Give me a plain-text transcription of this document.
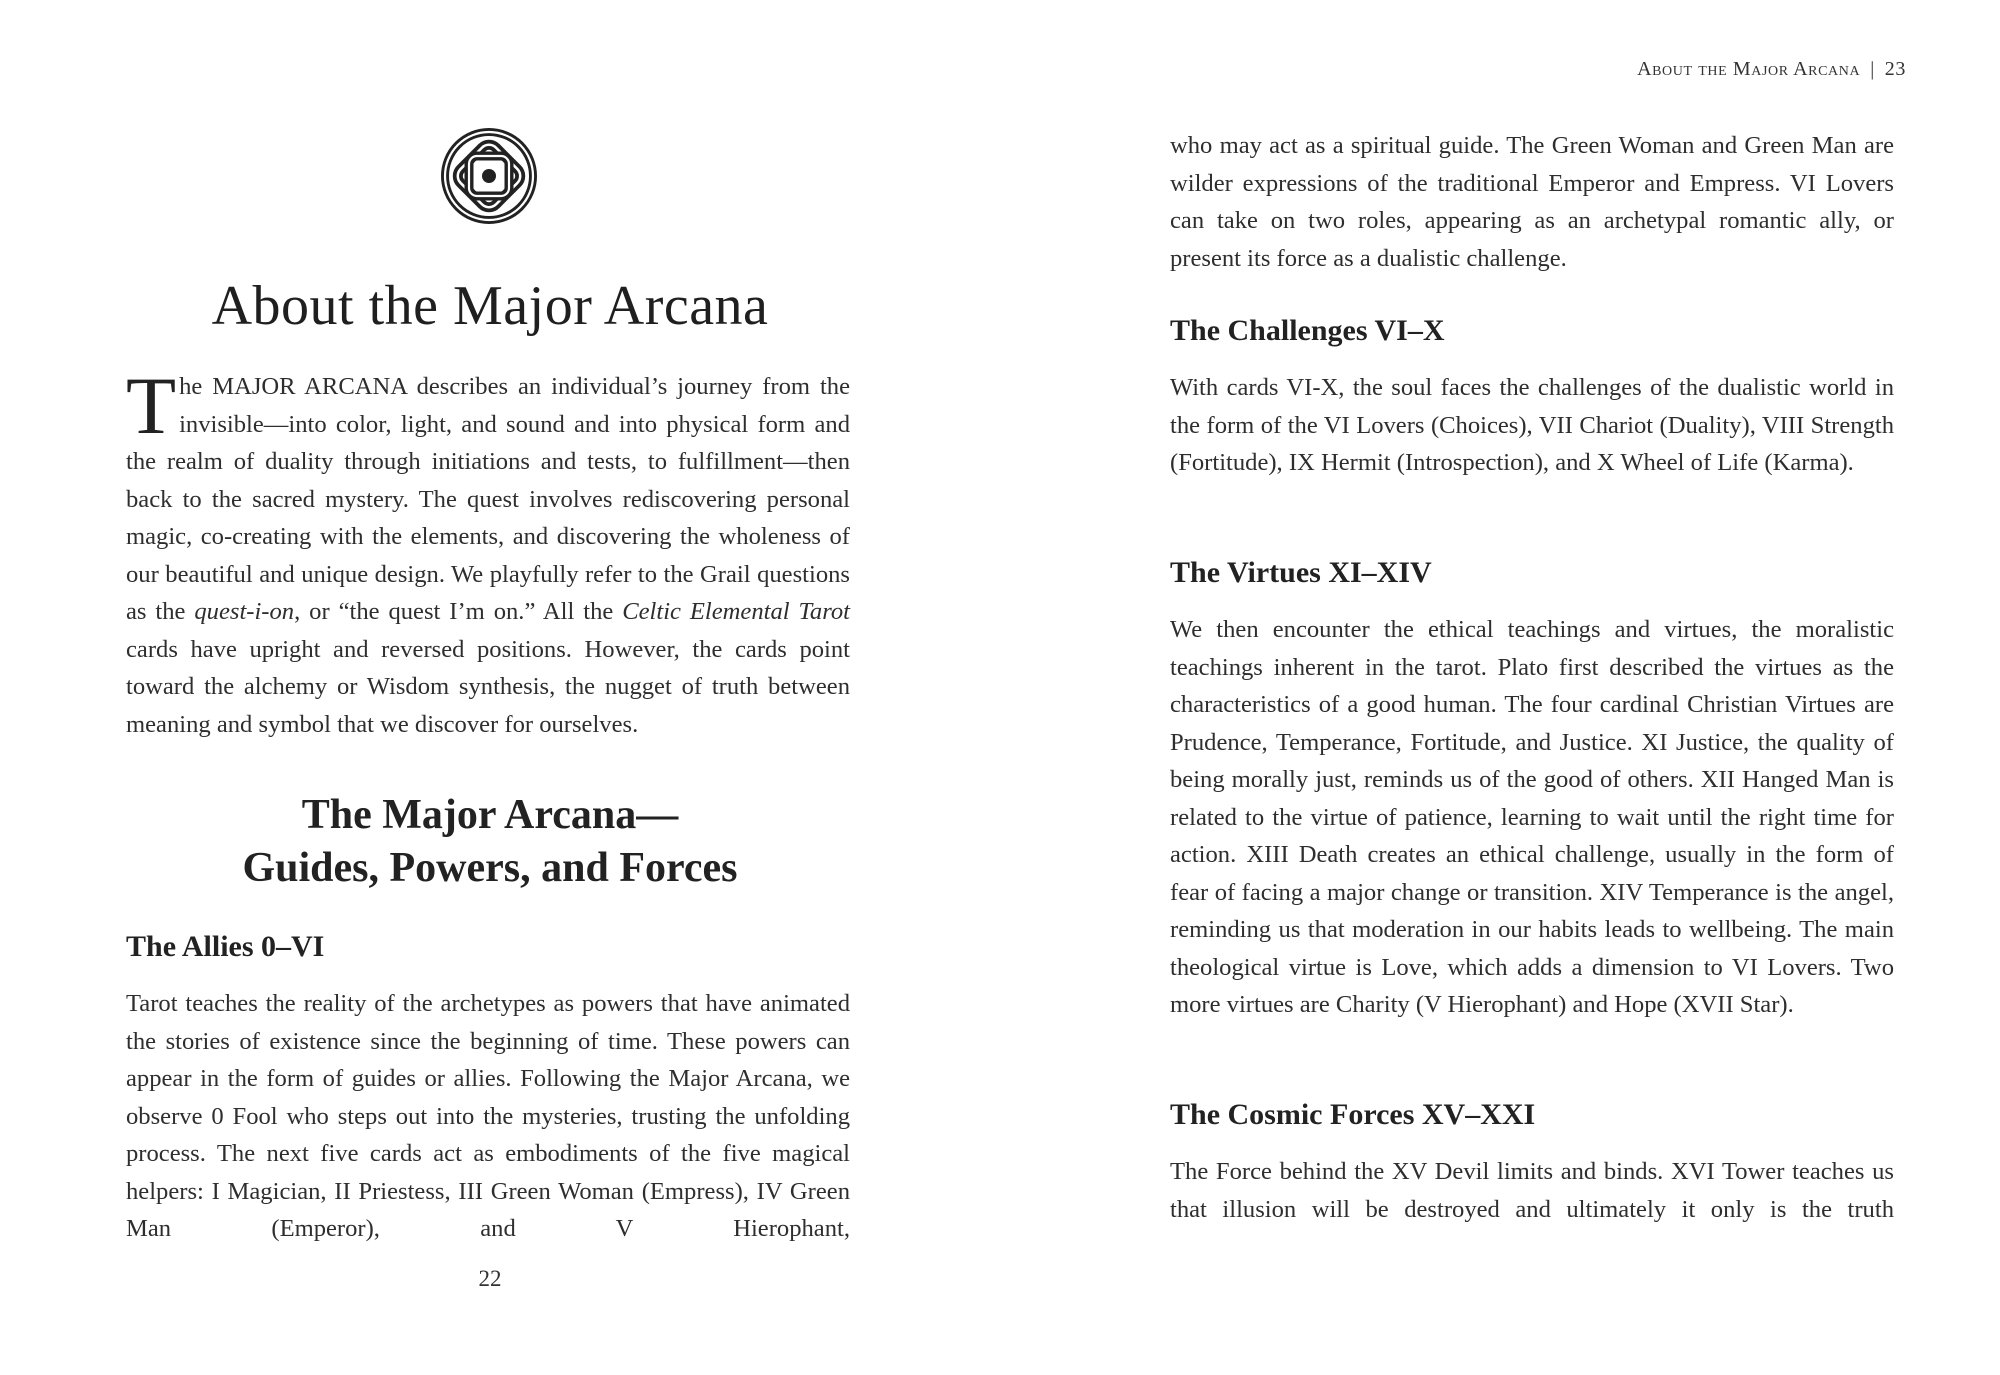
About the Major Arcana

The MAJOR ARCANA describes an individual’s journey from the invisible—into color, light, and sound and into physical form and the realm of duality through initiations and tests, to fulfillment—then back to the sacred mystery. The quest involves rediscovering personal magic, co-creating with the elements, and discovering the wholeness of our beautiful and unique design. We playfully refer to the Grail questions as the quest-i-on, or “the quest I’m on.” All the Celtic Elemental Tarot cards have upright and reversed positions. However, the cards point toward the alchemy or Wisdom synthesis, the nugget of truth between meaning and symbol that we discover for ourselves.

The Major Arcana—
Guides, Powers, and Forces
The Allies 0–VI

Tarot teaches the reality of the archetypes as powers that have animated the stories of existence since the beginning of time. These powers can appear in the form of guides or allies. Following the Major Arcana, we observe 0 Fool who steps out into the mysteries, trusting the unfolding process. The next five cards act as embodiments of the five magical helpers: I Magician, II Priestess, III Green Woman (Empress), IV Green Man (Emperor), and V Hierophant,

22
About the Major Arcana | 23

who may act as a spiritual guide. The Green Woman and Green Man are wilder expressions of the traditional Emperor and Empress. VI Lovers can take on two roles, appearing as an archetypal romantic ally, or present its force as a dualistic challenge.

The Challenges VI–X

With cards VI-X, the soul faces the challenges of the dualistic world in the form of the VI Lovers (Choices), VII Chariot (Duality), VIII Strength (Fortitude), IX Hermit (Introspection), and X Wheel of Life (Karma).

The Virtues XI–XIV

We then encounter the ethical teachings and virtues, the moralistic teachings inherent in the tarot. Plato first described the virtues as the characteristics of a good human. The four cardinal Christian Virtues are Prudence, Temperance, Fortitude, and Justice. XI Justice, the quality of being morally just, reminds us of the good of others. XII Hanged Man is related to the virtue of patience, learning to wait until the right time for action. XIII Death creates an ethical challenge, usually in the form of fear of facing a major change or transition. XIV Temperance is the angel, reminding us that moderation in our habits leads to wellbeing. The main theological virtue is Love, which adds a dimension to VI Lovers. Two more virtues are Charity (V Hierophant) and Hope (XVII Star).

The Cosmic Forces XV–XXI

The Force behind the XV Devil limits and binds. XVI Tower teaches us that illusion will be destroyed and ultimately it only is the truth
